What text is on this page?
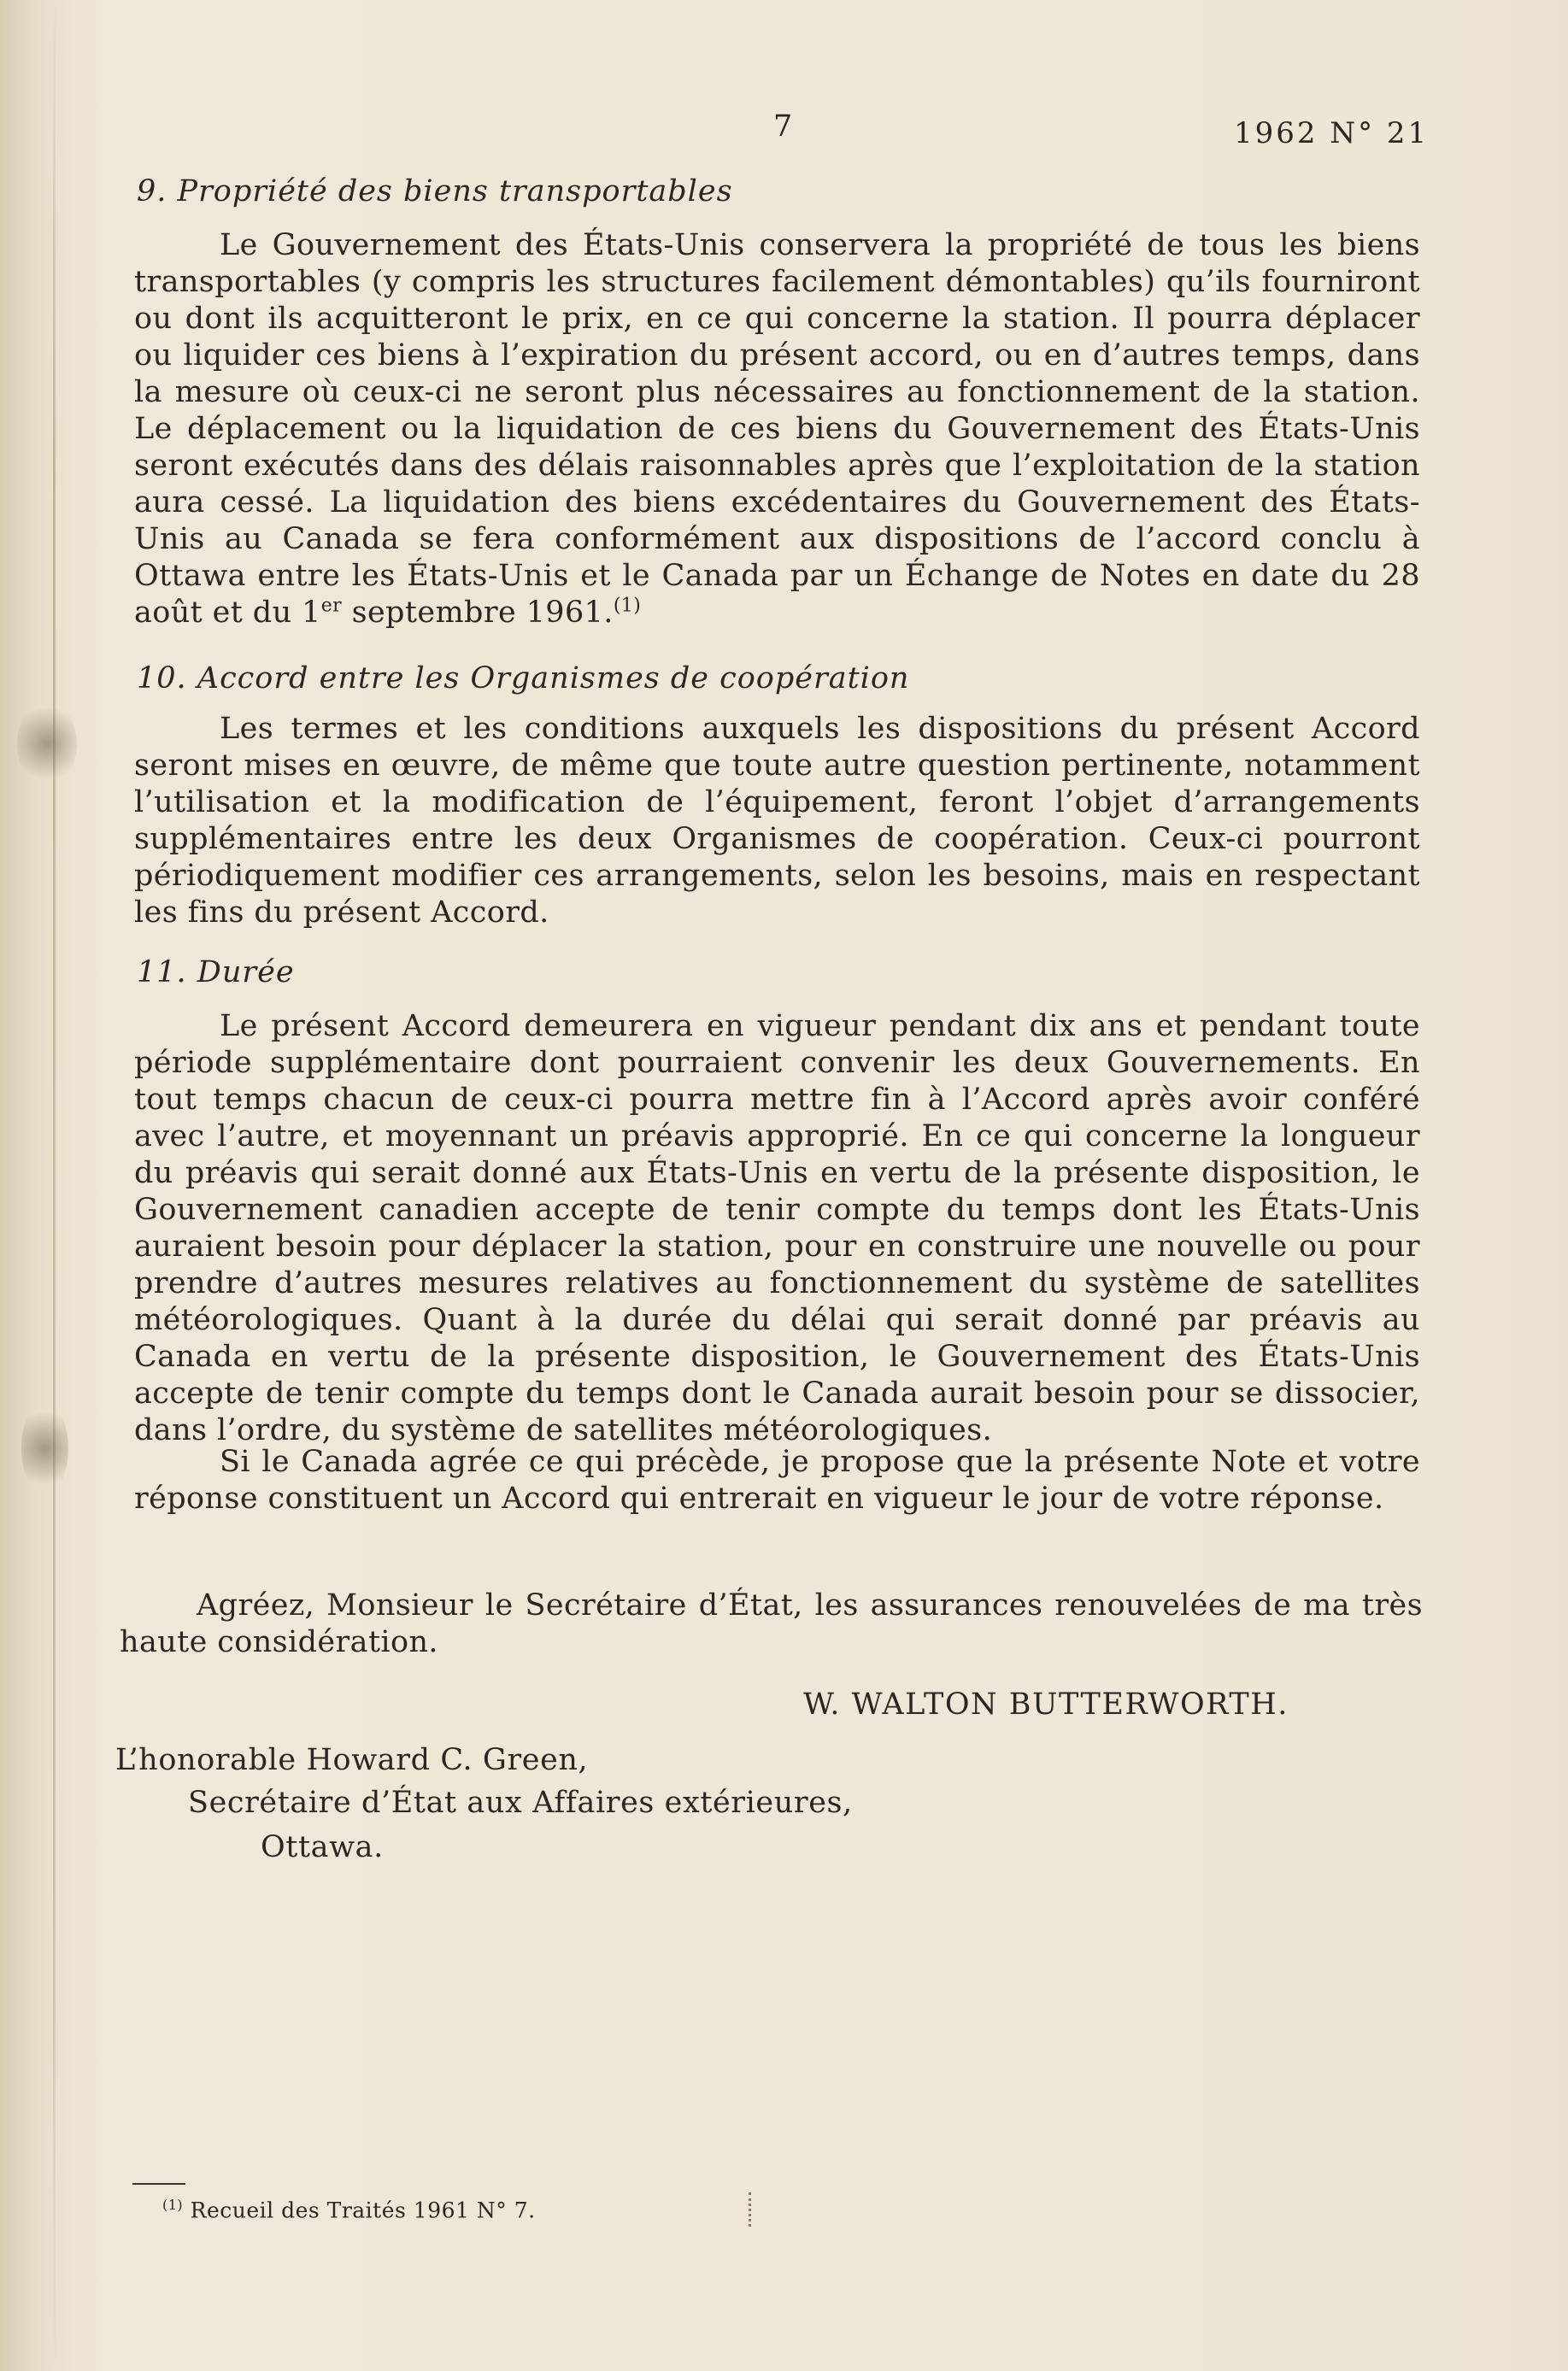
7	1962 N° 21
9. Propriété des biens transportables
Le Gouvernement des États-Unis conservera la propriété de tous les biens transportables (y compris les structures facilement démontables) qu’ils fourniront ou dont ils acquitteront le prix, en ce qui concerne la station. Il pourra déplacer ou liquider ces biens à l’expiration du présent accord, ou en d’autres temps, dans la mesure où ceux-ci ne seront plus nécessaires au fonctionnement de la station. Le déplacement ou la liquidation de ces biens du Gouvernement des États-Unis seront exécutés dans des délais raisonnables après que l’exploitation de la station aura cessé. La liquidation des biens excédentaires du Gouvernement des États-Unis au Canada se fera conformément aux dispositions de l’accord conclu à Ottawa entre les États-Unis et le Canada par un Échange de Notes en date du 28 août et du 1er septembre 1961.$^{(1)}$
10. Accord entre les Organismes de coopération
Les termes et les conditions auxquels les dispositions du présent Accord seront mises en œuvre, de même que toute autre question pertinente, notamment l’utilisation et la modification de l’équipement, feront l’objet d’arrangements supplémentaires entre les deux Organismes de coopération. Ceux-ci pourront périodiquement modifier ces arrangements, selon les besoins, mais en respectant les fins du présent Accord.
11. Durée
Le présent Accord demeurera en vigueur pendant dix ans et pendant toute période supplémentaire dont pourraient convenir les deux Gouvernements. En tout temps chacun de ceux-ci pourra mettre fin à l’Accord après avoir conféré avec l’autre, et moyennant un préavis approprié. En ce qui concerne la longueur du préavis qui serait donné aux États-Unis en vertu de la présente disposition, le Gouvernement canadien accepte de tenir compte du temps dont les États-Unis auraient besoin pour déplacer la station, pour en construire une nouvelle ou pour prendre d’autres mesures relatives au fonctionnement du système de satellites météorologiques. Quant à la durée du délai qui serait donné par préavis au Canada en vertu de la présente disposition, le Gouvernement des États-Unis accepte de tenir compte du temps dont le Canada aurait besoin pour se dissocier, dans l’ordre, du système de satellites météorologiques.
Si le Canada agrée ce qui précède, je propose que la présente Note et votre réponse constituent un Accord qui entrerait en vigueur le jour de votre réponse.
Agréez, Monsieur le Secrétaire d’État, les assurances renouvelées de ma très haute considération.
W. WALTON BUTTERWORTH.
L’honorable Howard C. Green,
Secrétaire d’État aux Affaires extérieures,
Ottawa.
$^{(1)}$ Recueil des Traités 1961 N° 7.
